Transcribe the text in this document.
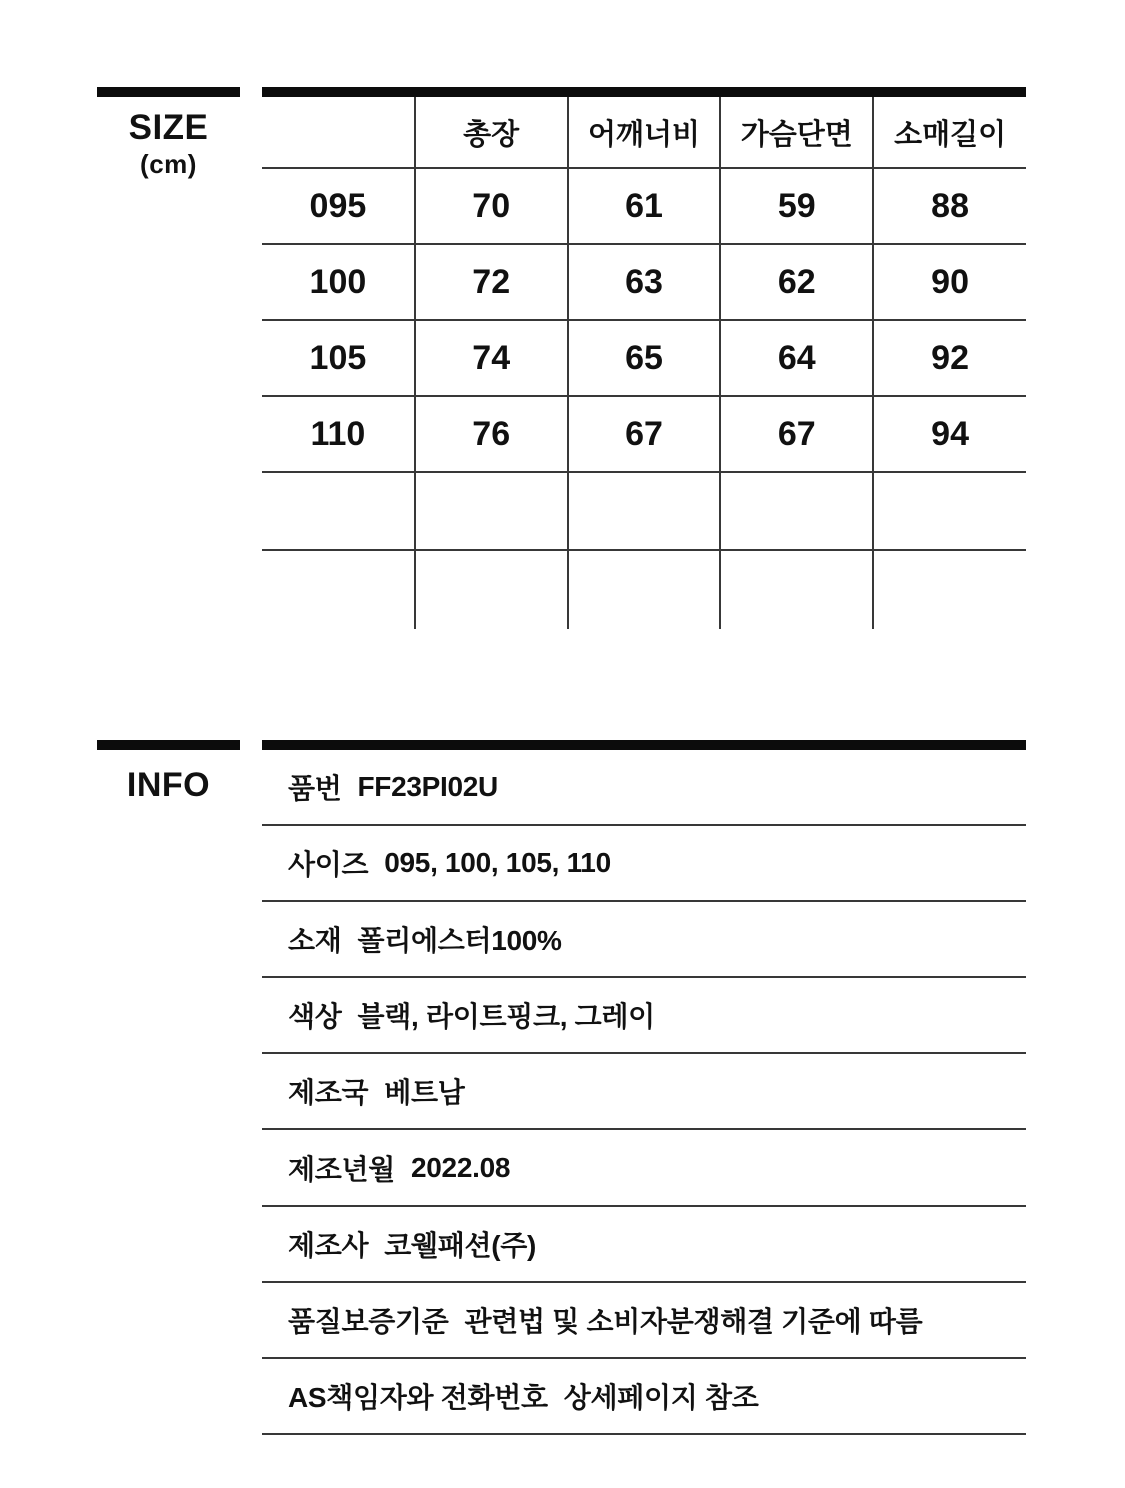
SIZE
(cm)
	총장	어깨너비	가슴단면	소매길이
095	70	61	59	88
100	72	63	62	90
105	74	65	64	92
110	76	67	67	94

INFO	품번 FF23PI02U
사이즈 095, 100, 105, 110
소재 폴리에스터100%
색상 블랙, 라이트핑크, 그레이
제조국 베트남
제조년월 2022.08
제조사 코웰패션(주)
품질보증기준 관련법 및 소비자분쟁해결 기준에 따름
AS책임자와 전화번호 상세페이지 참조
